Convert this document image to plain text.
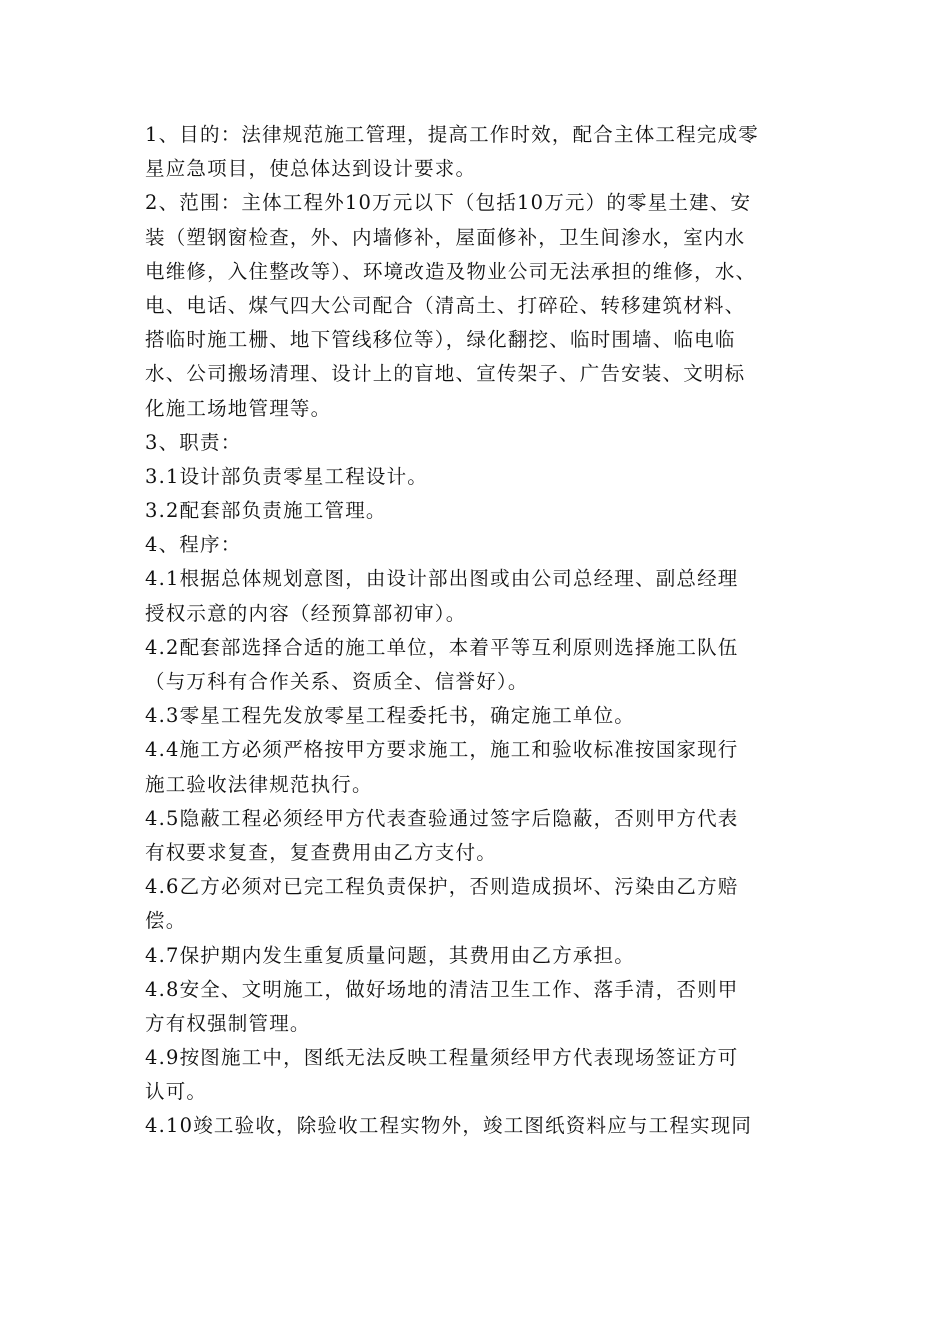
1、目的：法律规范施工管理，提高工作时效，配合主体工程完成零
星应急项目，使总体达到设计要求。
2、范围：主体工程外10万元以下（包括10万元）的零星土建、安
装（塑钢窗检查，外、内墙修补，屋面修补，卫生间渗水，室内水
电维修，入住整改等）、环境改造及物业公司无法承担的维修，水、
电、电话、煤气四大公司配合（清高土、打碎砼、转移建筑材料、
搭临时施工栅、地下管线移位等），绿化翻挖、临时围墙、临电临
水、公司搬场清理、设计上的盲地、宣传架子、广告安装、文明标
化施工场地管理等。
3、职责：
3.1设计部负责零星工程设计。
3.2配套部负责施工管理。
4、程序：
4.1根据总体规划意图，由设计部出图或由公司总经理、副总经理
授权示意的内容（经预算部初审）。
4.2配套部选择合适的施工单位，本着平等互利原则选择施工队伍
（与万科有合作关系、资质全、信誉好）。
4.3零星工程先发放零星工程委托书，确定施工单位。
4.4施工方必须严格按甲方要求施工，施工和验收标准按国家现行
施工验收法律规范执行。
4.5隐蔽工程必须经甲方代表查验通过签字后隐蔽，否则甲方代表
有权要求复查，复查费用由乙方支付。
4.6乙方必须对已完工程负责保护，否则造成损坏、污染由乙方赔
偿。
4.7保护期内发生重复质量问题，其费用由乙方承担。
4.8安全、文明施工，做好场地的清洁卫生工作、落手清，否则甲
方有权强制管理。
4.9按图施工中，图纸无法反映工程量须经甲方代表现场签证方可
认可。
4.10竣工验收，除验收工程实物外，竣工图纸资料应与工程实现同
